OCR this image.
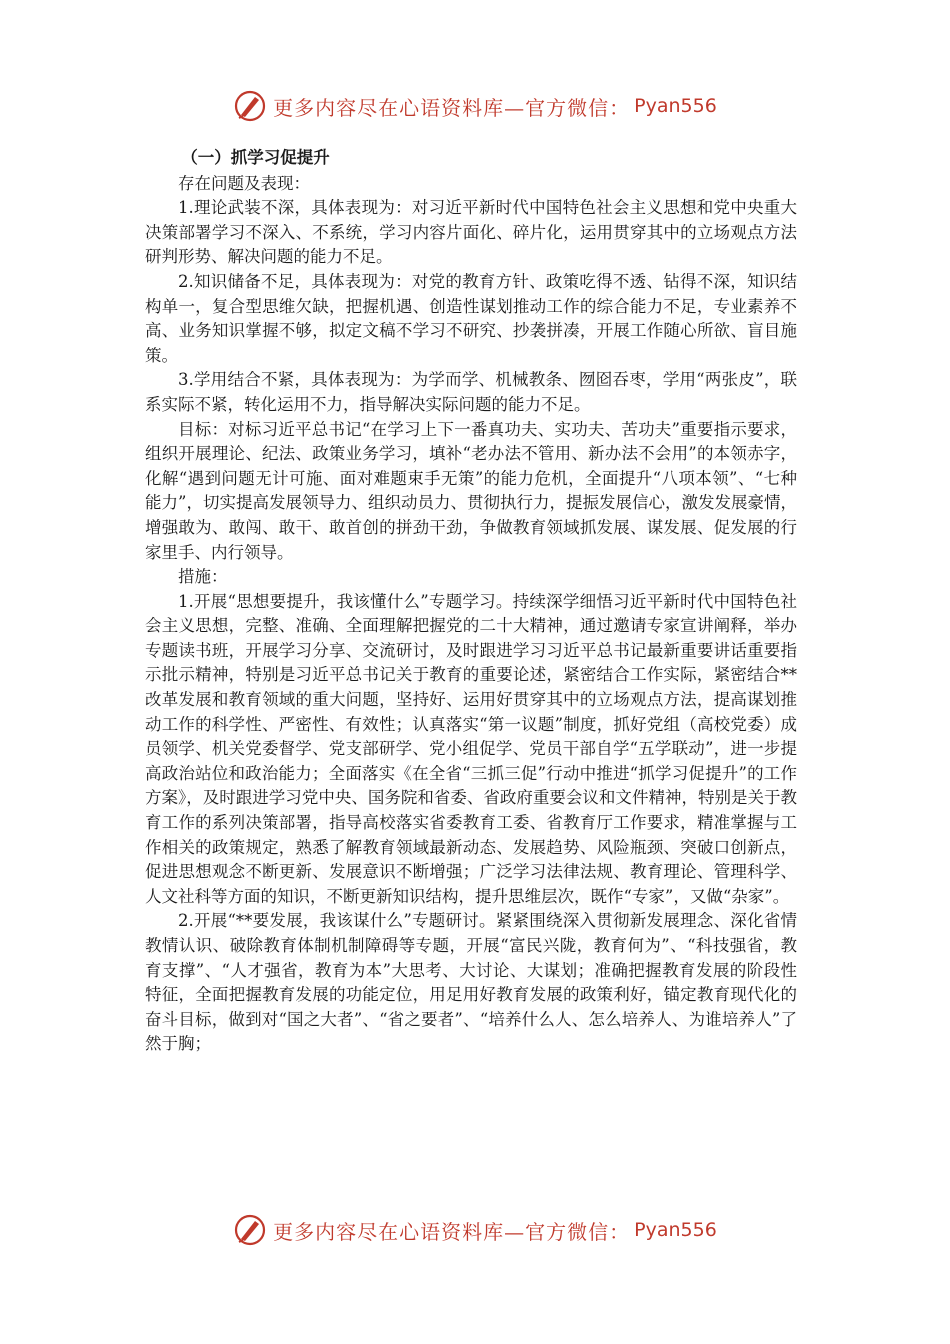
更多内容尽在心语资料库—官方微信： Pyan556

（一）抓学习促提升

存在问题及表现：

1.理论武装不深，具体表现为：对习近平新时代中国特色社会主义思想和党中央重大决策部署学习不深入、不系统，学习内容片面化、碎片化，运用贯穿其中的立场观点方法研判形势、解决问题的能力不足。

2.知识储备不足，具体表现为：对党的教育方针、政策吃得不透、钻得不深，知识结构单一，复合型思维欠缺，把握机遇、创造性谋划推动工作的综合能力不足，专业素养不高、业务知识掌握不够，拟定文稿不学习不研究、抄袭拼凑，开展工作随心所欲、盲目施策。

3.学用结合不紧，具体表现为：为学而学、机械教条、囫囵吞枣，学用“两张皮”，联系实际不紧，转化运用不力，指导解决实际问题的能力不足。

目标：对标习近平总书记“在学习上下一番真功夫、实功夫、苦功夫”重要指示要求，组织开展理论、纪法、政策业务学习，填补“老办法不管用、新办法不会用”的本领赤字，化解“遇到问题无计可施、面对难题束手无策”的能力危机，全面提升“八项本领”、“七种能力”，切实提高发展领导力、组织动员力、贯彻执行力，提振发展信心，激发发展豪情，增强敢为、敢闯、敢干、敢首创的拼劲干劲，争做教育领域抓发展、谋发展、促发展的行家里手、内行领导。

措施：

1.开展“思想要提升，我该懂什么”专题学习。持续深学细悟习近平新时代中国特色社会主义思想，完整、准确、全面理解把握党的二十大精神，通过邀请专家宣讲阐释，举办专题读书班，开展学习分享、交流研讨，及时跟进学习习近平总书记最新重要讲话重要指示批示精神，特别是习近平总书记关于教育的重要论述，紧密结合工作实际，紧密结合**改革发展和教育领域的重大问题，坚持好、运用好贯穿其中的立场观点方法，提高谋划推动工作的科学性、严密性、有效性；认真落实“第一议题”制度，抓好党组（高校党委）成员领学、机关党委督学、党支部研学、党小组促学、党员干部自学“五学联动”，进一步提高政治站位和政治能力；全面落实《在全省“三抓三促”行动中推进“抓学习促提升”的工作方案》，及时跟进学习党中央、国务院和省委、省政府重要会议和文件精神，特别是关于教育工作的系列决策部署，指导高校落实省委教育工委、省教育厅工作要求，精准掌握与工作相关的政策规定，熟悉了解教育领域最新动态、发展趋势、风险瓶颈、突破口创新点，促进思想观念不断更新、发展意识不断增强；广泛学习法律法规、教育理论、管理科学、人文社科等方面的知识，不断更新知识结构，提升思维层次，既作“专家”，又做“杂家”。

2.开展“**要发展，我该谋什么”专题研讨。紧紧围绕深入贯彻新发展理念、深化省情教情认识、破除教育体制机制障碍等专题，开展“富民兴陇，教育何为”、“科技强省，教育支撑”、“人才强省，教育为本”大思考、大讨论、大谋划；准确把握教育发展的阶段性特征，全面把握教育发展的功能定位，用足用好教育发展的政策利好，锚定教育现代化的奋斗目标，做到对“国之大者”、“省之要者”、“培养什么人、怎么培养人、为谁培养人”了然于胸；

更多内容尽在心语资料库—官方微信： Pyan556
